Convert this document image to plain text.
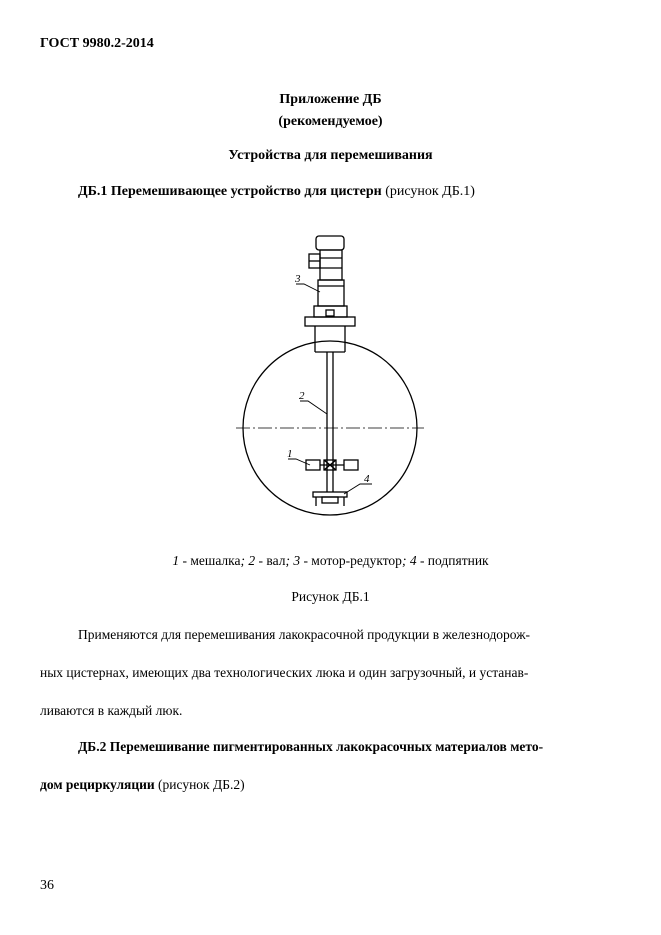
ГОСТ 9980.2-2014
Приложение ДБ
(рекомендуемое)
Устройства для перемешивания
ДБ.1 Перемешивающее устройство для цистерн (рисунок ДБ.1)
3
2
1
4
1 - мешалка; 2 - вал; 3 - мотор-редуктор; 4 - подпятник
Рисунок ДБ.1
Применяются для перемешивания лакокрасочной продукции в железнодорож-
ных цистернах, имеющих два технологических люка и один загрузочный, и устанав-
ливаются в каждый люк.
ДБ.2 Перемешивание пигментированных лакокрасочных материалов мето-
дом рециркуляции (рисунок ДБ.2)
36
